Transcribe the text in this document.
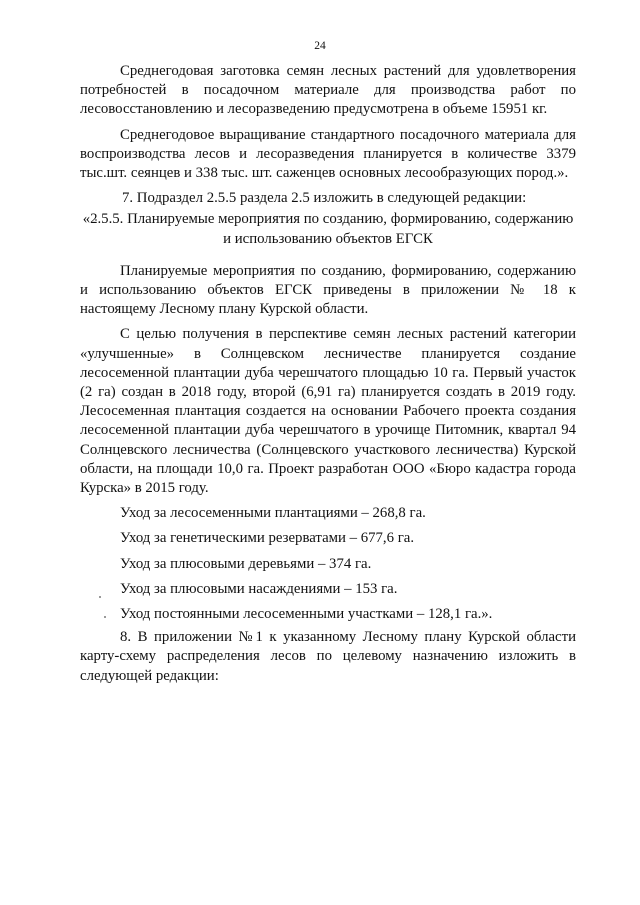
24

Среднегодовая заготовка семян лесных растений для удовлетворения потребностей в посадочном материале для производства работ по лесовосстановлению и лесоразведению предусмотрена в объеме 15951 кг.

Среднегодовое выращивание стандартного посадочного материала для воспроизводства лесов и лесоразведения планируется в количестве 3379 тыс.шт. сеянцев и 338 тыс. шт. саженцев основных лесообразующих пород.».

7. Подраздел 2.5.5 раздела 2.5 изложить в следующей редакции:

«2.5.5. Планируемые мероприятия по созданию, формированию, содержанию и использованию объектов ЕГСК

Планируемые мероприятия по созданию, формированию, содержанию и использованию объектов ЕГСК приведены в приложении № 18 к настоящему Лесному плану Курской области.

С целью получения в перспективе семян лесных растений категории «улучшенные» в Солнцевском лесничестве планируется создание лесосеменной плантации дуба черешчатого площадью 10 га. Первый участок (2 га) создан в 2018 году, второй (6,91 га) планируется создать в 2019 году. Лесосеменная плантация создается на основании Рабочего проекта создания лесосеменной плантации дуба черешчатого в урочище Питомник, квартал 94 Солнцевского лесничества (Солнцевского участкового лесничества) Курской области, на площади 10,0 га. Проект разработан ООО «Бюро кадастра города Курска» в 2015 году.

Уход за лесосеменными плантациями – 268,8 га.

Уход за генетическими резерватами – 677,6 га.

Уход за плюсовыми деревьями – 374 га.

Уход за плюсовыми насаждениями – 153 га.

Уход постоянными лесосеменными участками – 128,1 га.».

8. В приложении №1 к указанному Лесному плану Курской области карту-схему распределения лесов по целевому назначению изложить в следующей редакции:
